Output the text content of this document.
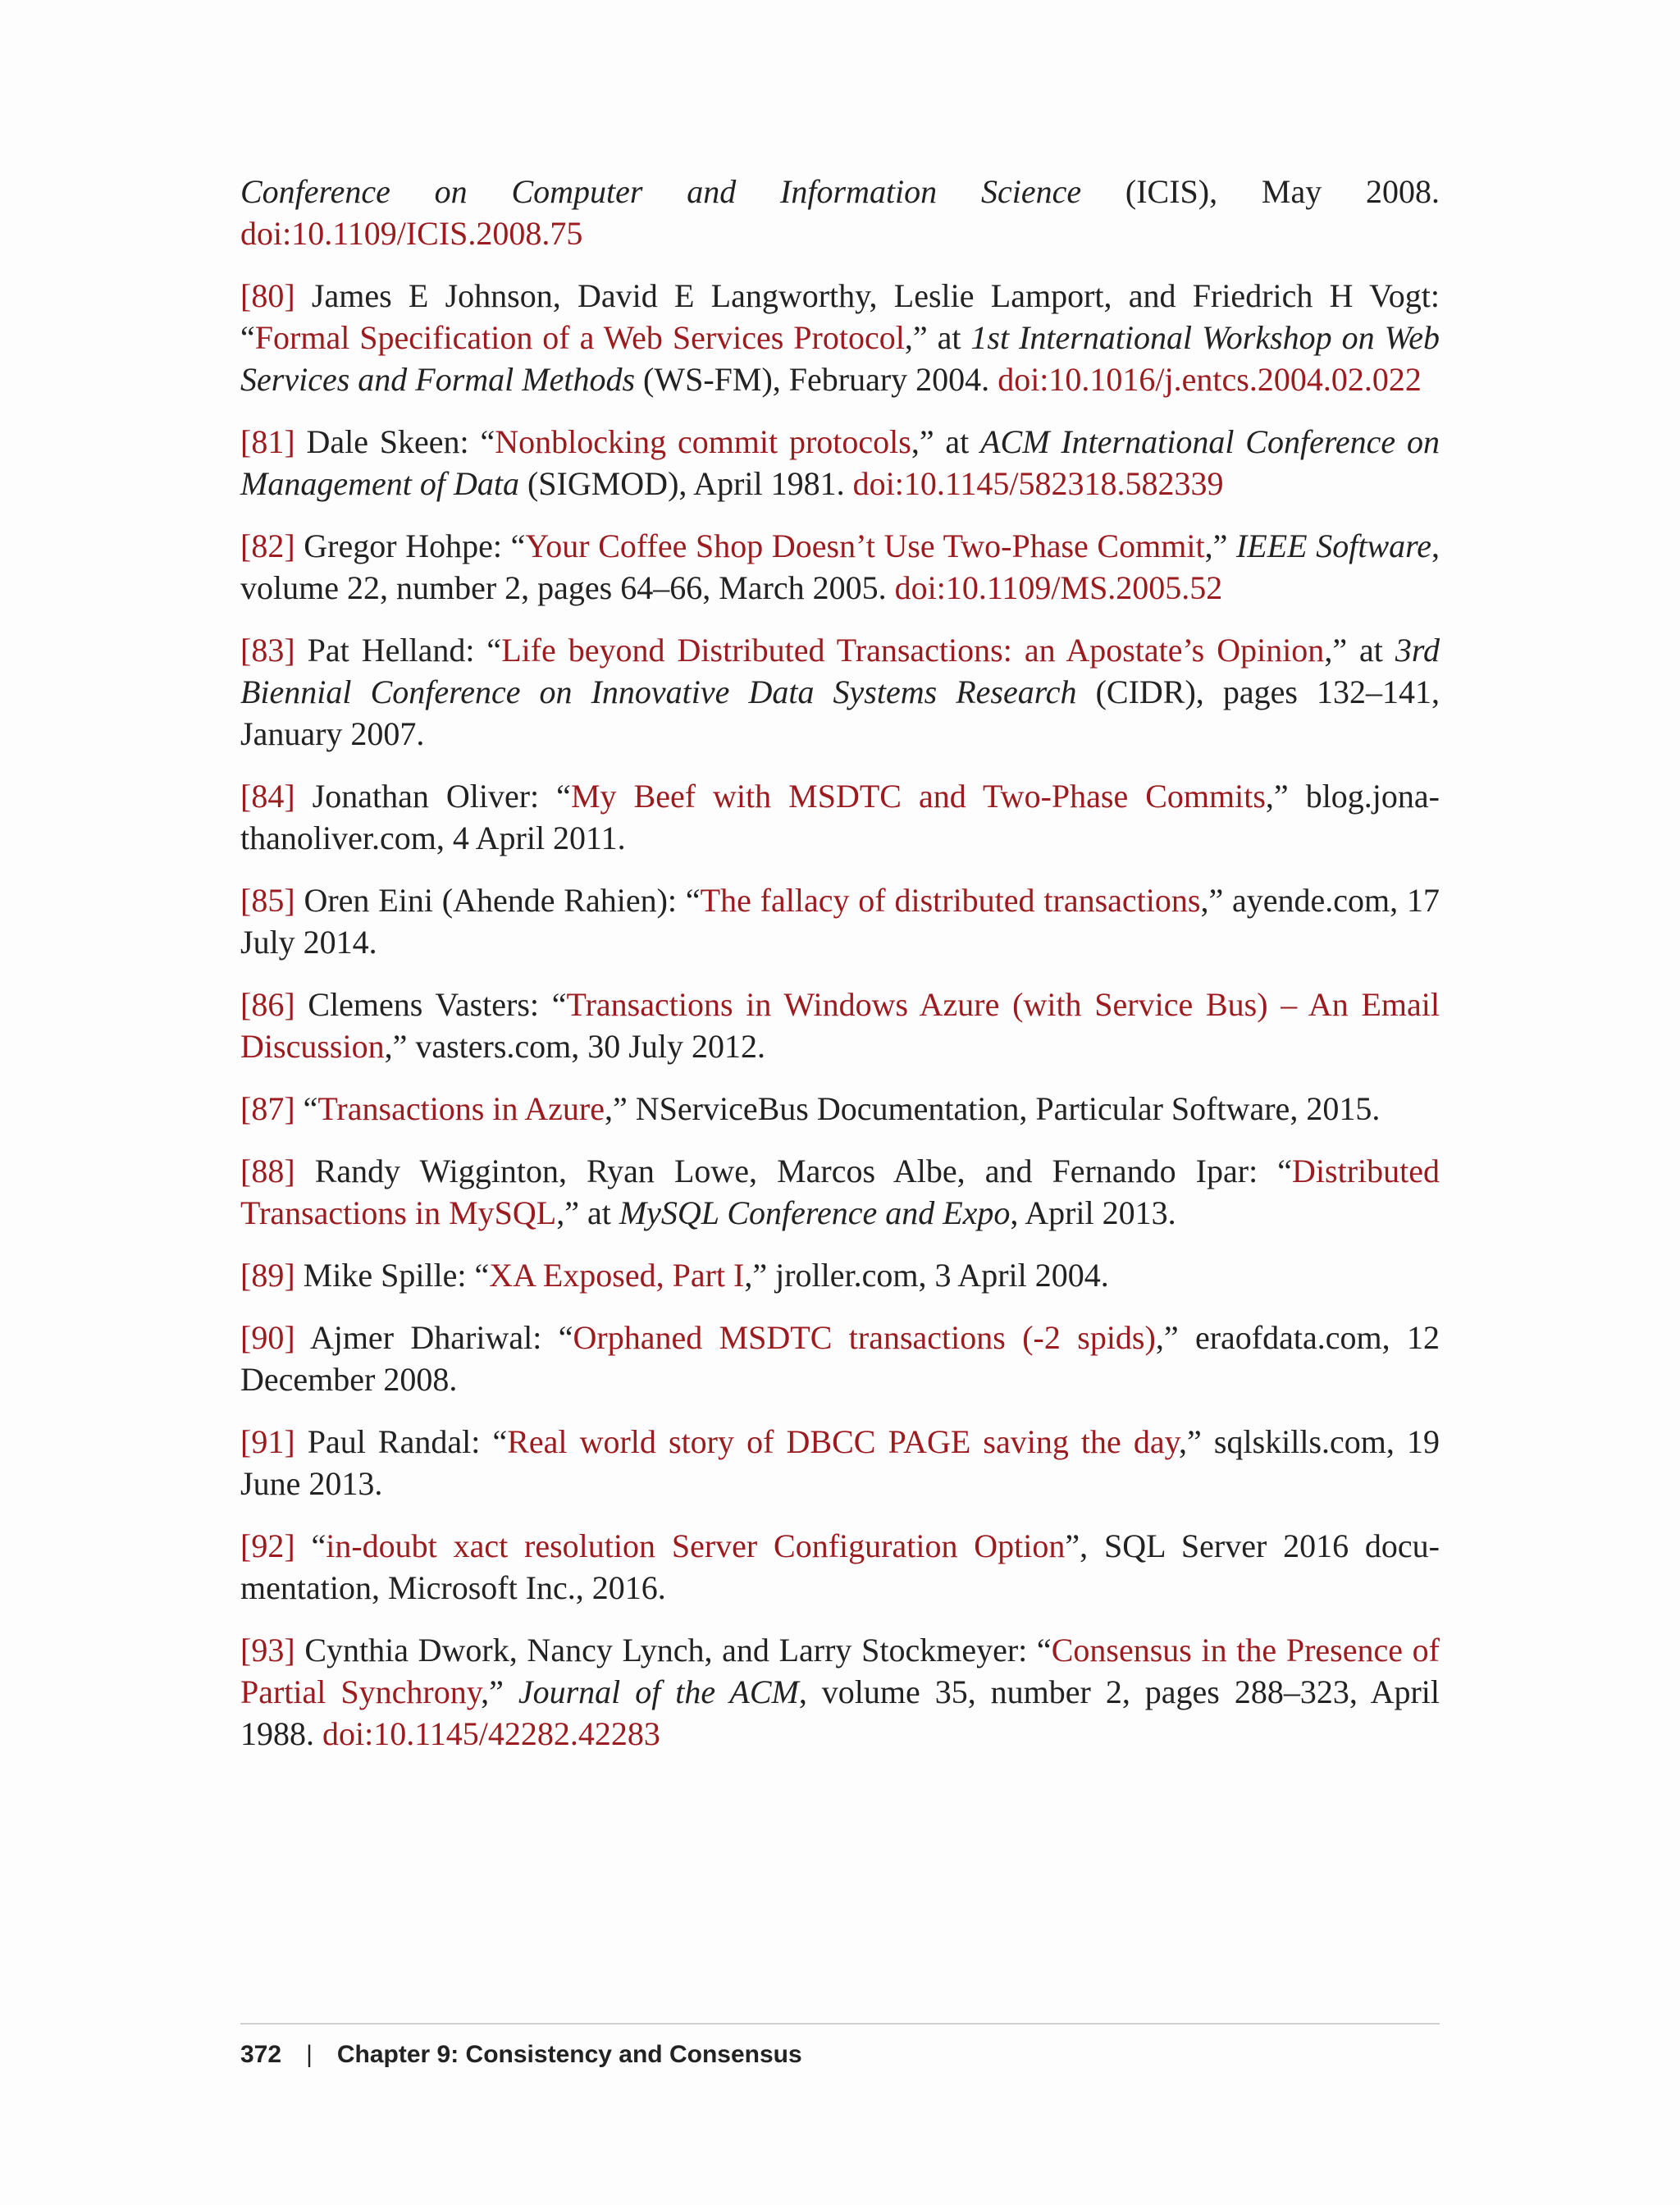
Conference on Computer and Information Science (ICIS), May 2008. doi:10.1109/ICIS.2008.75

[80] James E Johnson, David E Langworthy, Leslie Lamport, and Friedrich H Vogt: “Formal Specification of a Web Services Protocol,” at 1st International Workshop on Web Services and Formal Methods (WS-FM), February 2004. doi:10.1016/j.entcs.2004.02.022

[81] Dale Skeen: “Nonblocking commit protocols,” at ACM International Conference on Management of Data (SIGMOD), April 1981. doi:10.1145/582318.582339

[82] Gregor Hohpe: “Your Coffee Shop Doesn’t Use Two-Phase Commit,” IEEE Software, volume 22, number 2, pages 64–66, March 2005. doi:10.1109/MS.2005.52

[83] Pat Helland: “Life beyond Distributed Transactions: an Apostate’s Opinion,” at 3rd Biennial Conference on Innovative Data Systems Research (CIDR), pages 132–141, January 2007.

[84] Jonathan Oliver: “My Beef with MSDTC and Two-Phase Commits,” blog.jonathanoliver.com, 4 April 2011.

[85] Oren Eini (Ahende Rahien): “The fallacy of distributed transactions,” ayende.com, 17 July 2014.

[86] Clemens Vasters: “Transactions in Windows Azure (with Service Bus) – An Email Discussion,” vasters.com, 30 July 2012.

[87] “Transactions in Azure,” NServiceBus Documentation, Particular Software, 2015.

[88] Randy Wigginton, Ryan Lowe, Marcos Albe, and Fernando Ipar: “Distributed Transactions in MySQL,” at MySQL Conference and Expo, April 2013.

[89] Mike Spille: “XA Exposed, Part I,” jroller.com, 3 April 2004.

[90] Ajmer Dhariwal: “Orphaned MSDTC transactions (-2 spids),” eraofdata.com, 12 December 2008.

[91] Paul Randal: “Real world story of DBCC PAGE saving the day,” sqlskills.com, 19 June 2013.

[92] “in-doubt xact resolution Server Configuration Option”, SQL Server 2016 documentation, Microsoft Inc., 2016.

[93] Cynthia Dwork, Nancy Lynch, and Larry Stockmeyer: “Consensus in the Presence of Partial Synchrony,” Journal of the ACM, volume 35, number 2, pages 288–323, April 1988. doi:10.1145/42282.42283

372 | Chapter 9: Consistency and Consensus
